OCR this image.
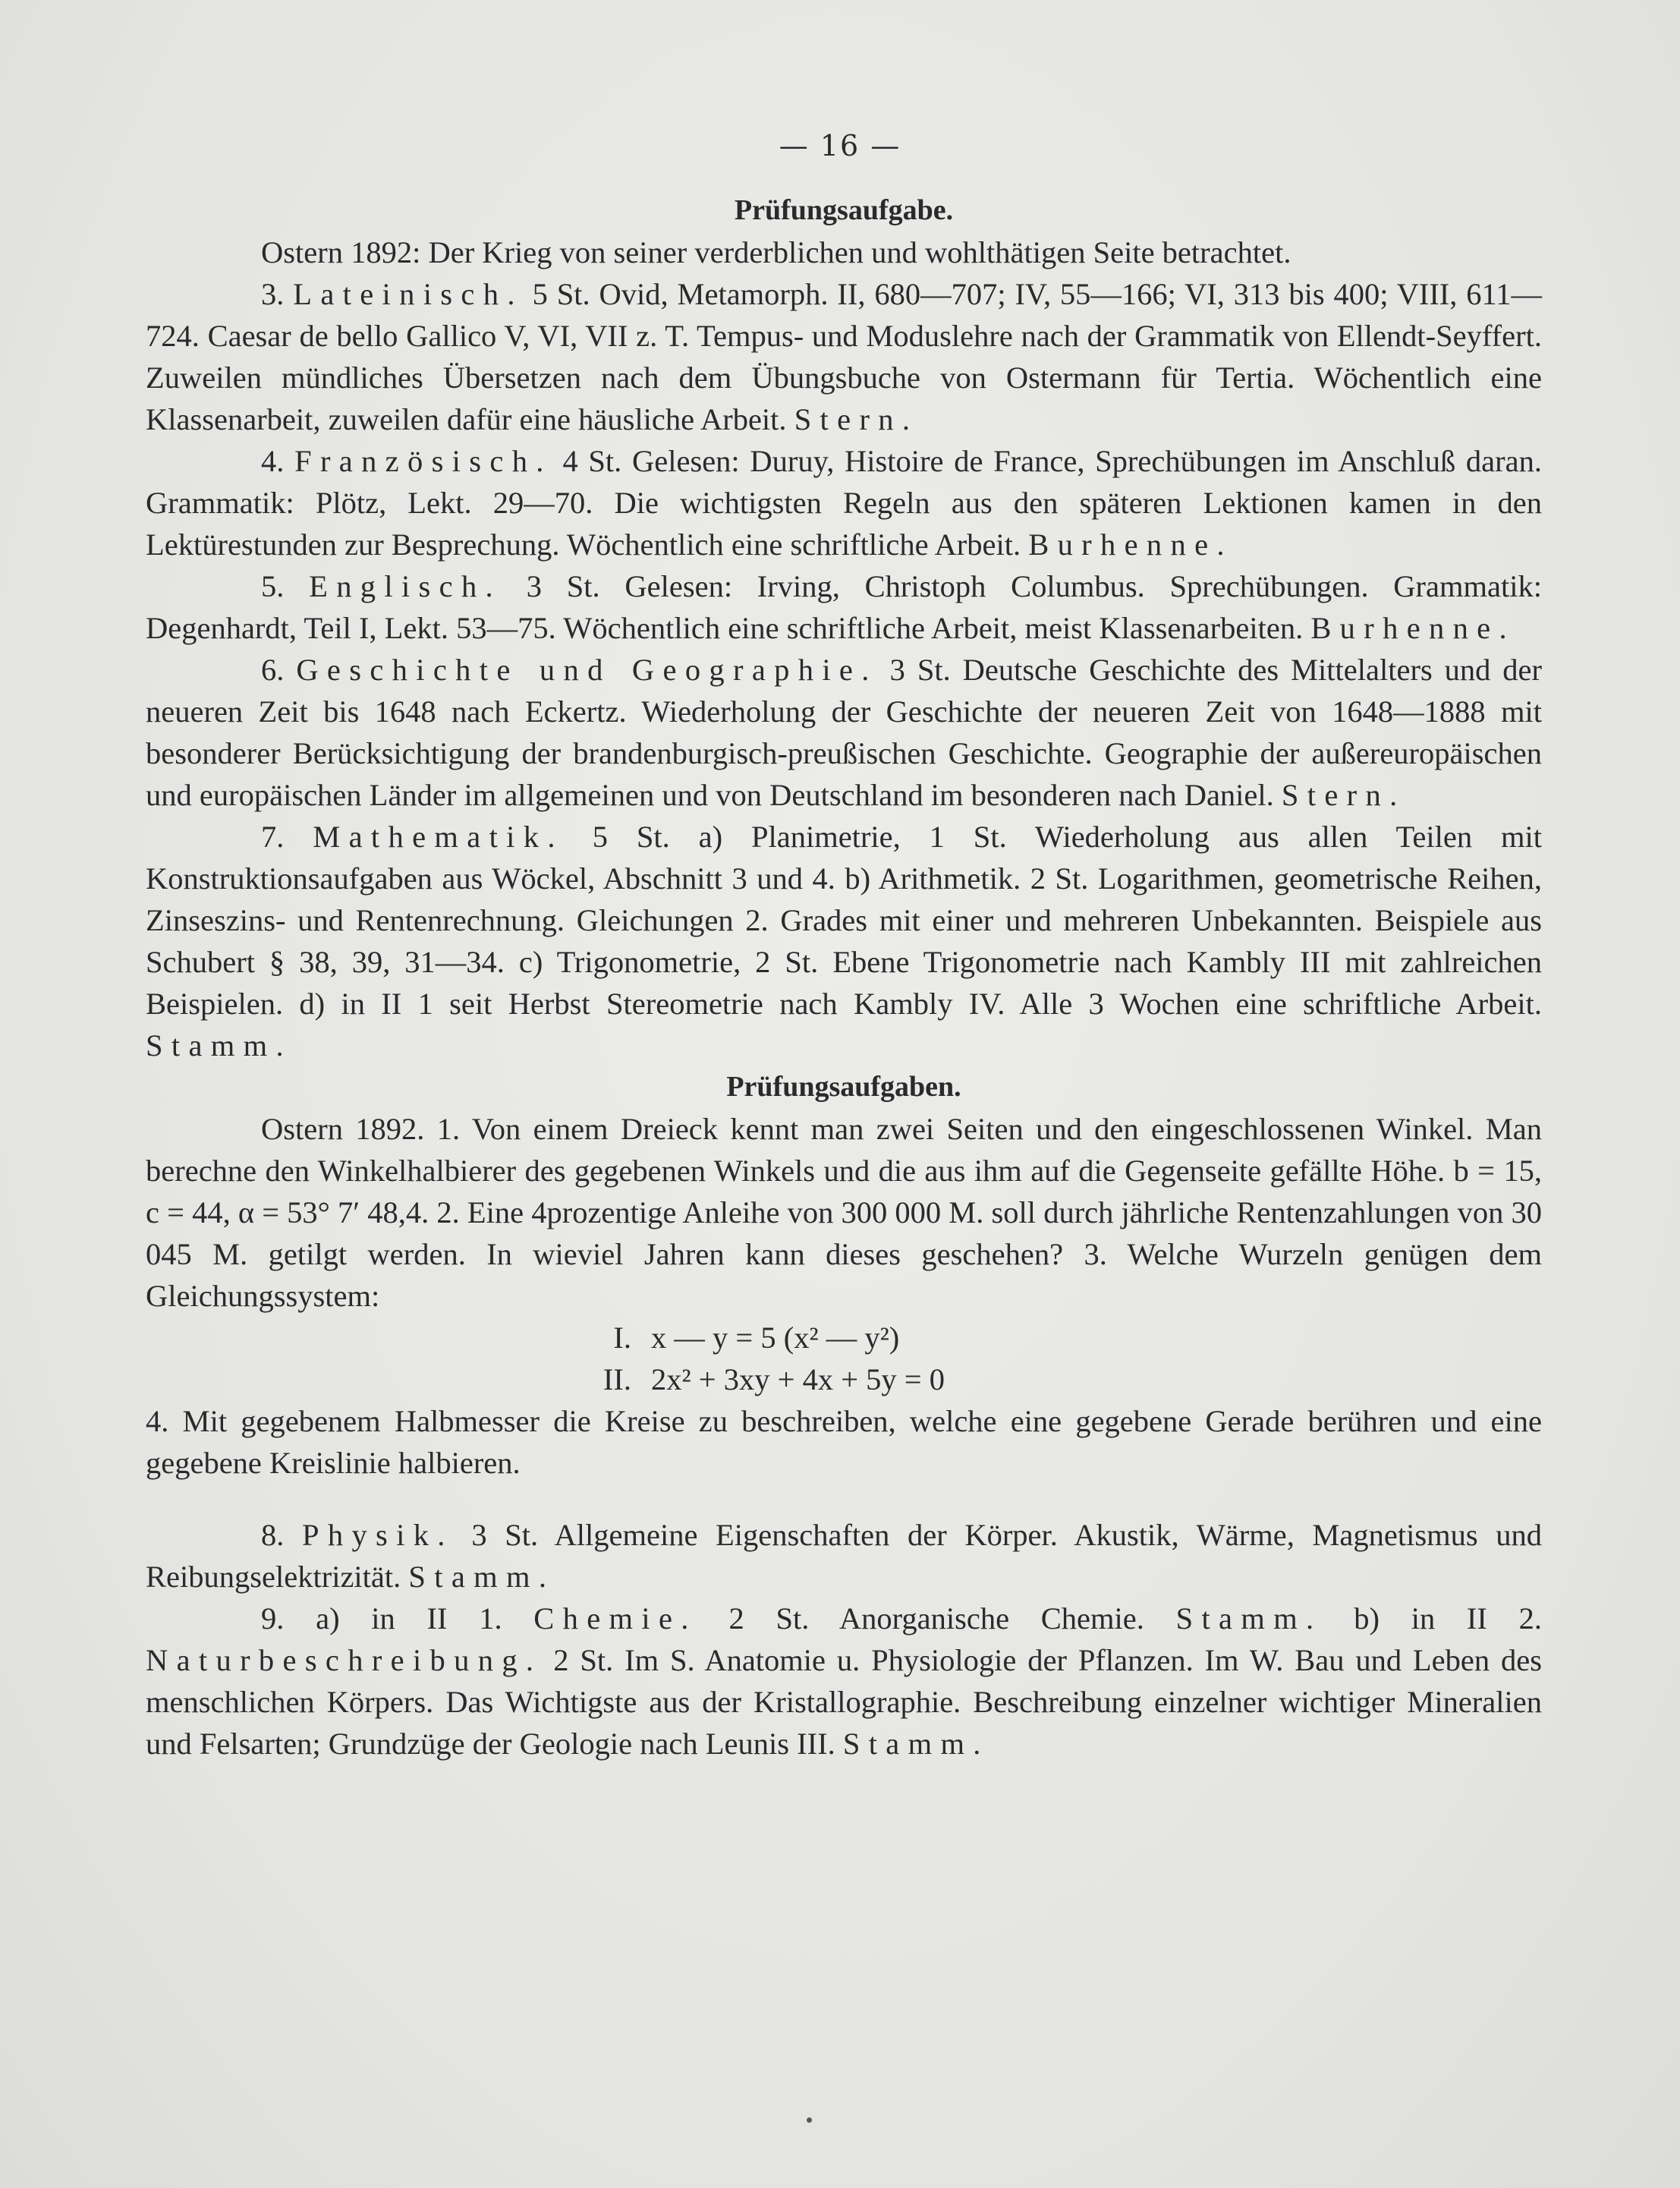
— 16 —
Prüfungsaufgabe.

Ostern 1892: Der Krieg von seiner verderblichen und wohlthätigen Seite betrachtet.

3. Lateinisch. 5 St. Ovid, Metamorph. II, 680—707; IV, 55—166; VI, 313 bis 400; VIII, 611—724. Caesar de bello Gallico V, VI, VII z. T. Tempus- und Moduslehre nach der Grammatik von Ellendt-Seyffert. Zuweilen mündliches Übersetzen nach dem Übungsbuche von Ostermann für Tertia. Wöchentlich eine Klassenarbeit, zuweilen dafür eine häusliche Arbeit. Stern.

4. Französisch. 4 St. Gelesen: Duruy, Histoire de France, Sprechübungen im Anschluß daran. Grammatik: Plötz, Lekt. 29—70. Die wichtigsten Regeln aus den späteren Lektionen kamen in den Lektürestunden zur Besprechung. Wöchentlich eine schriftliche Arbeit. Burhenne.

5. Englisch. 3 St. Gelesen: Irving, Christoph Columbus. Sprechübungen. Grammatik: Degenhardt, Teil I, Lekt. 53—75. Wöchentlich eine schriftliche Arbeit, meist Klassenarbeiten. Burhenne.

6. Geschichte und Geographie. 3 St. Deutsche Geschichte des Mittelalters und der neueren Zeit bis 1648 nach Eckertz. Wiederholung der Geschichte der neueren Zeit von 1648—1888 mit besonderer Berücksichtigung der brandenburgisch-preußischen Geschichte. Geographie der außereuropäischen und europäischen Länder im allgemeinen und von Deutschland im besonderen nach Daniel. Stern.

7. Mathematik. 5 St. a) Planimetrie, 1 St. Wiederholung aus allen Teilen mit Konstruktionsaufgaben aus Wöckel, Abschnitt 3 und 4. b) Arithmetik. 2 St. Logarithmen, geometrische Reihen, Zinseszins- und Rentenrechnung. Gleichungen 2. Grades mit einer und mehreren Unbekannten. Beispiele aus Schubert § 38, 39, 31—34. c) Trigonometrie, 2 St. Ebene Trigonometrie nach Kambly III mit zahlreichen Beispielen. d) in II 1 seit Herbst Stereometrie nach Kambly IV. Alle 3 Wochen eine schriftliche Arbeit. Stamm.

Prüfungsaufgaben.

Ostern 1892. 1. Von einem Dreieck kennt man zwei Seiten und den eingeschlossenen Winkel. Man berechne den Winkelhalbierer des gegebenen Winkels und die aus ihm auf die Gegenseite gefällte Höhe. b = 15, c = 44, α = 53° 7′ 48,4. 2. Eine 4prozentige Anleihe von 300 000 M. soll durch jährliche Rentenzahlungen von 30 045 M. getilgt werden. In wieviel Jahren kann dieses geschehen? 3. Welche Wurzeln genügen dem Gleichungssystem:

I. x — y = 5 (x² — y²)
II. 2x² + 3xy + 4x + 5y = 0

4. Mit gegebenem Halbmesser die Kreise zu beschreiben, welche eine gegebene Gerade berühren und eine gegebene Kreislinie halbieren.

8. Physik. 3 St. Allgemeine Eigenschaften der Körper. Akustik, Wärme, Magnetismus und Reibungselektrizität. Stamm.

9. a) in II 1. Chemie. 2 St. Anorganische Chemie. Stamm. b) in II 2. Naturbeschreibung. 2 St. Im S. Anatomie u. Physiologie der Pflanzen. Im W. Bau und Leben des menschlichen Körpers. Das Wichtigste aus der Kristallographie. Beschreibung einzelner wichtiger Mineralien und Felsarten; Grundzüge der Geologie nach Leunis III. Stamm.
